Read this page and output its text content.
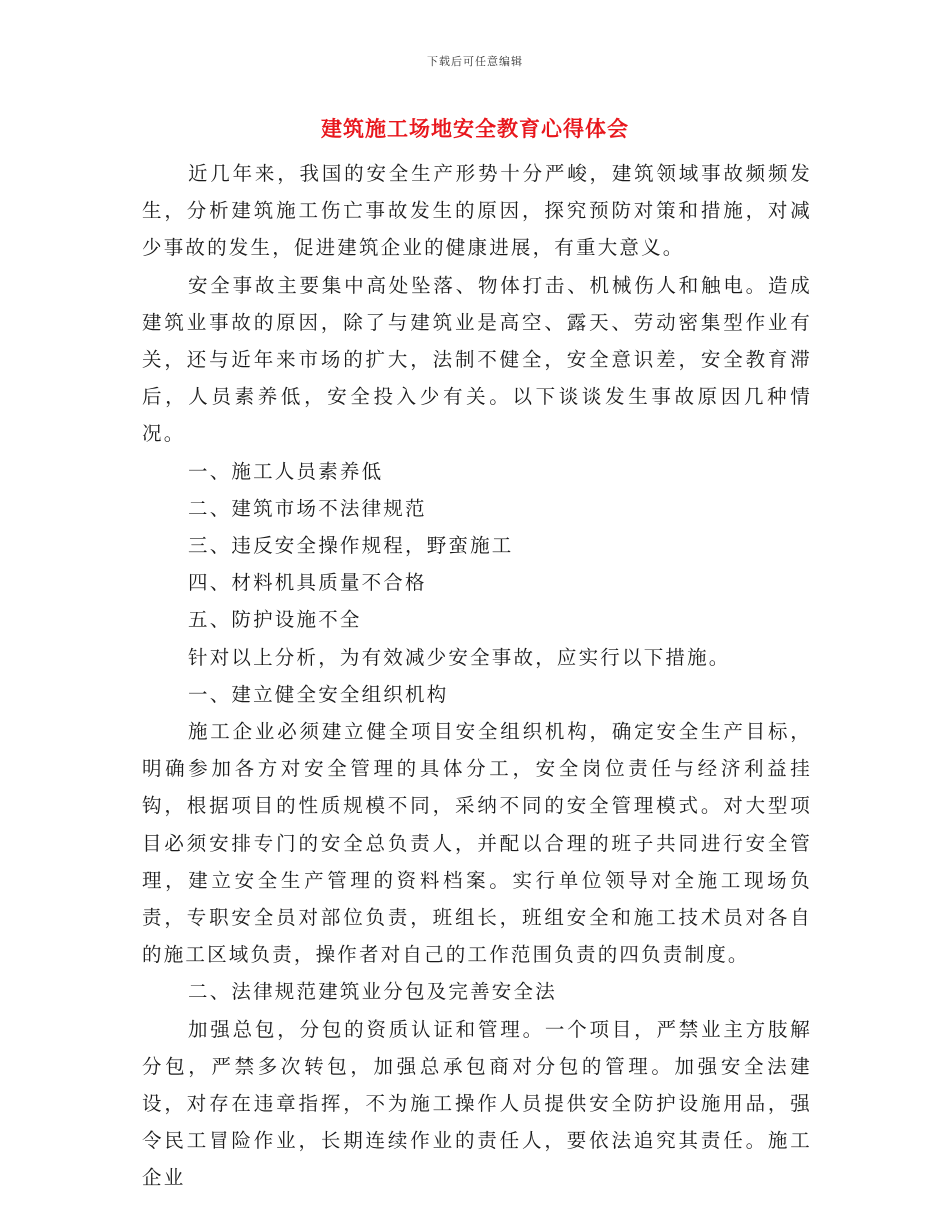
下载后可任意编辑
建筑施工场地安全教育心得体会

近几年来，我国的安全生产形势十分严峻，建筑领域事故频频发生，分析建筑施工伤亡事故发生的原因，探究预防对策和措施，对减少事故的发生，促进建筑企业的健康进展，有重大意义。

安全事故主要集中高处坠落、物体打击、机械伤人和触电。造成建筑业事故的原因，除了与建筑业是高空、露天、劳动密集型作业有关，还与近年来市场的扩大，法制不健全，安全意识差，安全教育滞后，人员素养低，安全投入少有关。以下谈谈发生事故原因几种情况。

一、施工人员素养低

二、建筑市场不法律规范

三、违反安全操作规程，野蛮施工

四、材料机具质量不合格

五、防护设施不全

针对以上分析，为有效减少安全事故，应实行以下措施。

一、建立健全安全组织机构

施工企业必须建立健全项目安全组织机构，确定安全生产目标，明确参加各方对安全管理的具体分工，安全岗位责任与经济利益挂钩，根据项目的性质规模不同，采纳不同的安全管理模式。对大型项目必须安排专门的安全总负责人，并配以合理的班子共同进行安全管理，建立安全生产管理的资料档案。实行单位领导对全施工现场负责，专职安全员对部位负责，班组长，班组安全和施工技术员对各自的施工区域负责，操作者对自己的工作范围负责的四负责制度。

二、法律规范建筑业分包及完善安全法

加强总包，分包的资质认证和管理。一个项目，严禁业主方肢解分包，严禁多次转包，加强总承包商对分包的管理。加强安全法建设，对存在违章指挥，不为施工操作人员提供安全防护设施用品，强令民工冒险作业，长期连续作业的责任人，要依法追究其责任。施工企业
